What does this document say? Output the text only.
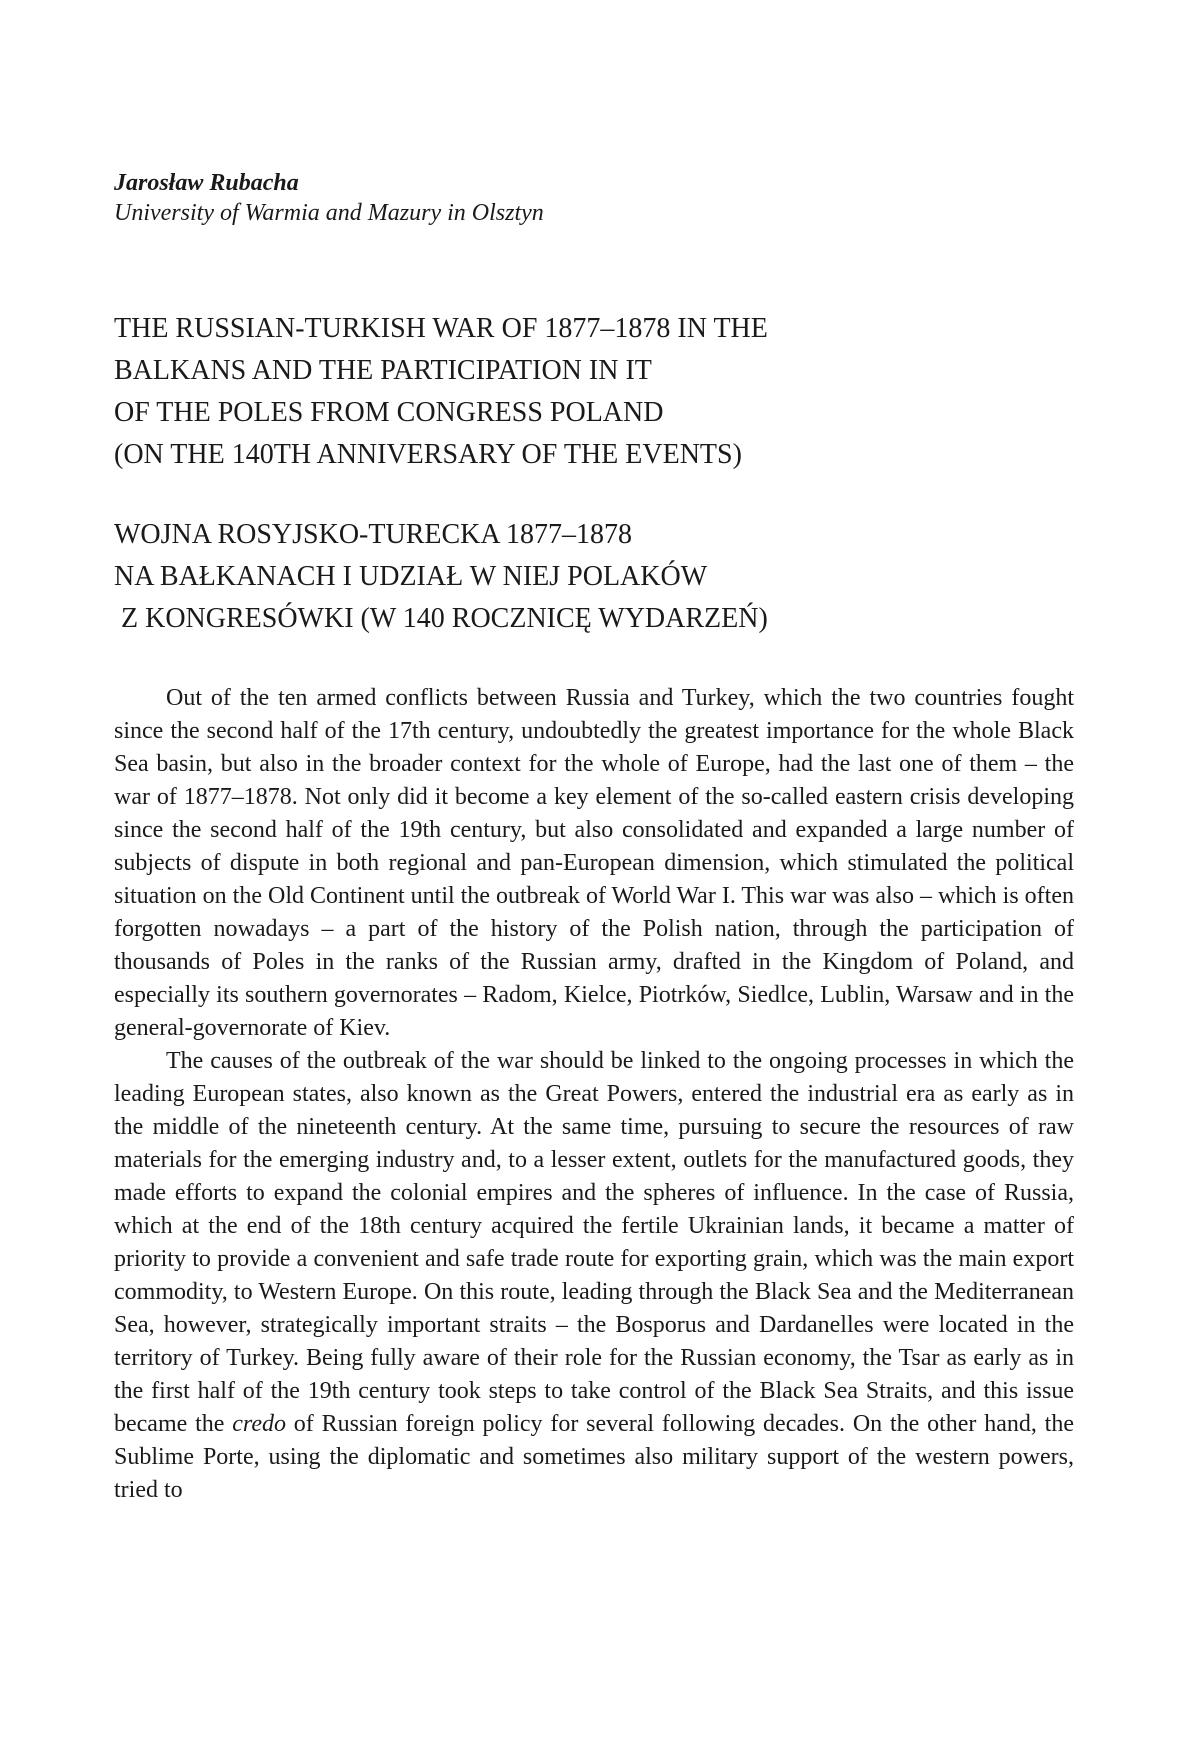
Jarosław Rubacha

University of Warmia and Mazury in Olsztyn

THE RUSSIAN-TURKISH WAR OF 1877–1878 IN THE
BALKANS AND THE PARTICIPATION IN IT
OF THE POLES FROM CONGRESS POLAND
(ON THE 140TH ANNIVERSARY OF THE EVENTS)
WOJNA ROSYJSKO-TURECKA 1877–1878
NA BAŁKANACH I UDZIAŁ W NIEJ POLAKÓW
Z KONGRESÓWKI (W 140 ROCZNICĘ WYDARZEŃ)

Out of the ten armed conflicts between Russia and Turkey, which the two countries fought since the second half of the 17th century, undoubtedly the greatest importance for the whole Black Sea basin, but also in the broader context for the whole of Europe, had the last one of them – the war of 1877–1878. Not only did it become a key element of the so-called eastern crisis developing since the second half of the 19th century, but also consolidated and expanded a large number of subjects of dispute in both regional and pan-European dimension, which stimulated the political situation on the Old Continent until the outbreak of World War I. This war was also – which is often forgotten nowadays – a part of the history of the Polish nation, through the participation of thousands of Poles in the ranks of the Russian army, drafted in the Kingdom of Poland, and especially its southern governorates – Radom, Kielce, Piotrków, Siedlce, Lublin, Warsaw and in the general-governorate of Kiev.

The causes of the outbreak of the war should be linked to the ongoing processes in which the leading European states, also known as the Great Powers, entered the industrial era as early as in the middle of the nineteenth century. At the same time, pursuing to secure the resources of raw materials for the emerging industry and, to a lesser extent, outlets for the manufactured goods, they made efforts to expand the colonial empires and the spheres of influence. In the case of Russia, which at the end of the 18th century acquired the fertile Ukrainian lands, it became a matter of priority to provide a convenient and safe trade route for exporting grain, which was the main export commodity, to Western Europe. On this route, leading through the Black Sea and the Mediterranean Sea, however, strategically important straits – the Bosporus and Dardanelles were located in the territory of Turkey. Being fully aware of their role for the Russian economy, the Tsar as early as in the first half of the 19th century took steps to take control of the Black Sea Straits, and this issue became the credo of Russian foreign policy for several following decades. On the other hand, the Sublime Porte, using the diplomatic and sometimes also military support of the western powers, tried to
